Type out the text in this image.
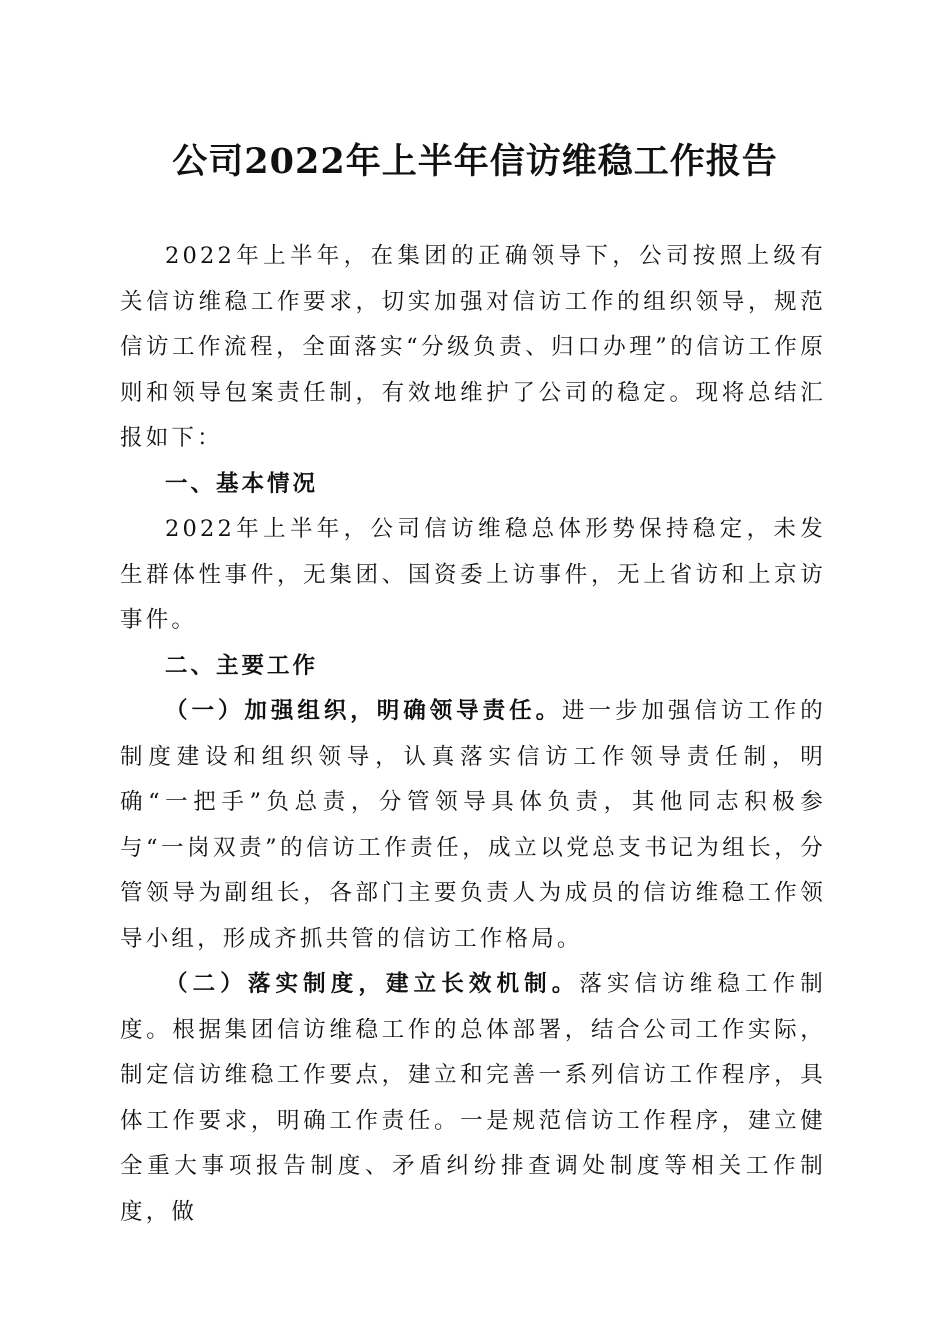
公司2022年上半年信访维稳工作报告

2022年上半年，在集团的正确领导下，公司按照上级有关信访维稳工作要求，切实加强对信访工作的组织领导，规范信访工作流程，全面落实“分级负责、归口办理”的信访工作原则和领导包案责任制，有效地维护了公司的稳定。现将总结汇报如下：

一、基本情况

2022年上半年，公司信访维稳总体形势保持稳定，未发生群体性事件，无集团、国资委上访事件，无上省访和上京访事件。

二、主要工作

（一）加强组织，明确领导责任。进一步加强信访工作的制度建设和组织领导，认真落实信访工作领导责任制，明确“一把手”负总责，分管领导具体负责，其他同志积极参与“一岗双责”的信访工作责任，成立以党总支书记为组长，分管领导为副组长，各部门主要负责人为成员的信访维稳工作领导小组，形成齐抓共管的信访工作格局。

（二）落实制度，建立长效机制。落实信访维稳工作制度。根据集团信访维稳工作的总体部署，结合公司工作实际，制定信访维稳工作要点，建立和完善一系列信访工作程序，具体工作要求，明确工作责任。一是规范信访工作程序，建立健全重大事项报告制度、矛盾纠纷排查调处制度等相关工作制度，做
